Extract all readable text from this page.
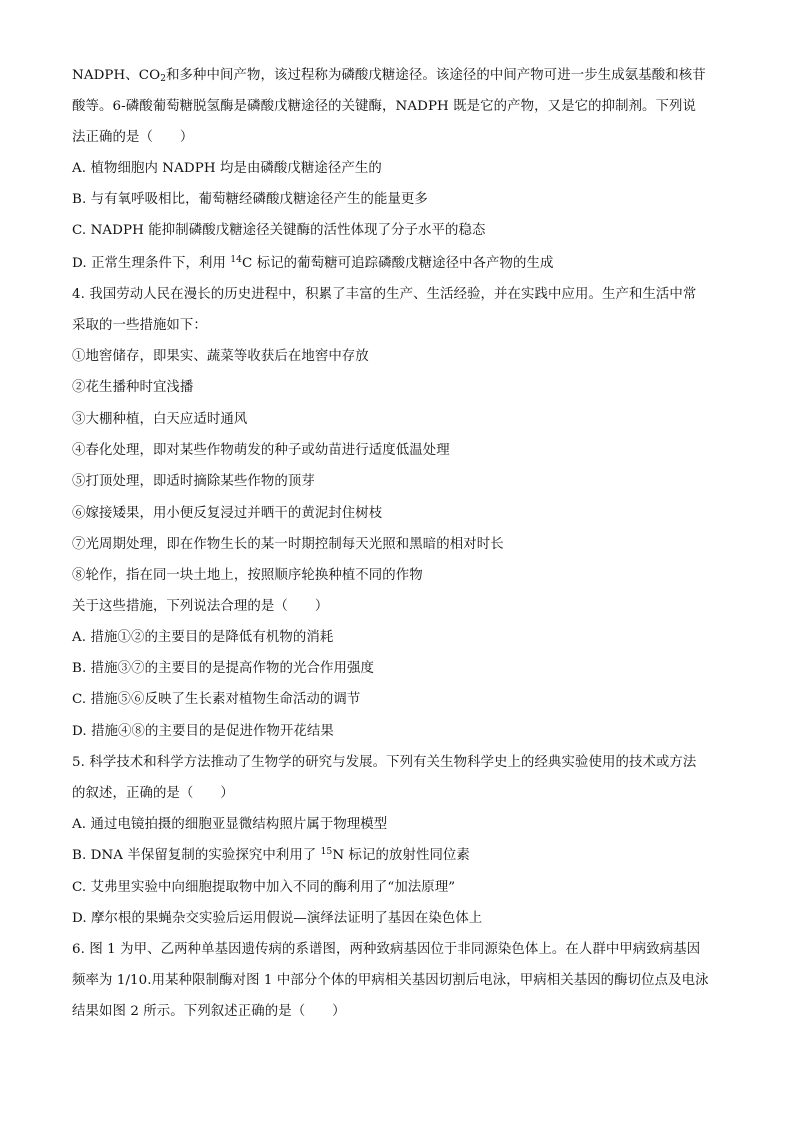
NADPH、$CO_2$和多种中间产物，该过程称为磷酸戊糖途径。该途径的中间产物可进一步生成氨基酸和核苷
酸等。6-磷酸葡萄糖脱氢酶是磷酸戊糖途径的关键酶，NADPH 既是它的产物，又是它的抑制剂。下列说
法正确的是（　　）
A. 植物细胞内 NADPH 均是由磷酸戊糖途径产生的
B. 与有氧呼吸相比，葡萄糖经磷酸戊糖途径产生的能量更多
C. NADPH 能抑制磷酸戊糖途径关键酶的活性体现了分子水平的稳态
D. 正常生理条件下，利用 $^{14}$C 标记的葡萄糖可追踪磷酸戊糖途径中各产物的生成
4. 我国劳动人民在漫长的历史进程中，积累了丰富的生产、生活经验，并在实践中应用。生产和生活中常
采取的一些措施如下：
①地窖储存，即果实、蔬菜等收获后在地窖中存放
②花生播种时宜浅播
③大棚种植，白天应适时通风
④春化处理，即对某些作物萌发的种子或幼苗进行适度低温处理
⑤打顶处理，即适时摘除某些作物的顶芽
⑥嫁接矮果，用小便反复浸过并晒干的黄泥封住树枝
⑦光周期处理，即在作物生长的某一时期控制每天光照和黑暗的相对时长
⑧轮作，指在同一块土地上，按照顺序轮换种植不同的作物
关于这些措施，下列说法合理的是（　　）
A. 措施①②的主要目的是降低有机物的消耗
B. 措施③⑦的主要目的是提高作物的光合作用强度
C. 措施⑤⑥反映了生长素对植物生命活动的调节
D. 措施④⑧的主要目的是促进作物开花结果
5. 科学技术和科学方法推动了生物学的研究与发展。下列有关生物科学史上的经典实验使用的技术或方法
的叙述，正确的是（　　）
A. 通过电镜拍摄的细胞亚显微结构照片属于物理模型
B. DNA 半保留复制的实验探究中利用了 $^{15}$N 标记的放射性同位素
C. 艾弗里实验中向细胞提取物中加入不同的酶利用了“加法原理”
D. 摩尔根的果蝇杂交实验后运用假说—演绎法证明了基因在染色体上
6. 图 1 为甲、乙两种单基因遗传病的系谱图，两种致病基因位于非同源染色体上。在人群中甲病致病基因
频率为 1/10.用某种限制酶对图 1 中部分个体的甲病相关基因切割后电泳，甲病相关基因的酶切位点及电泳
结果如图 2 所示。下列叙述正确的是（　　）
